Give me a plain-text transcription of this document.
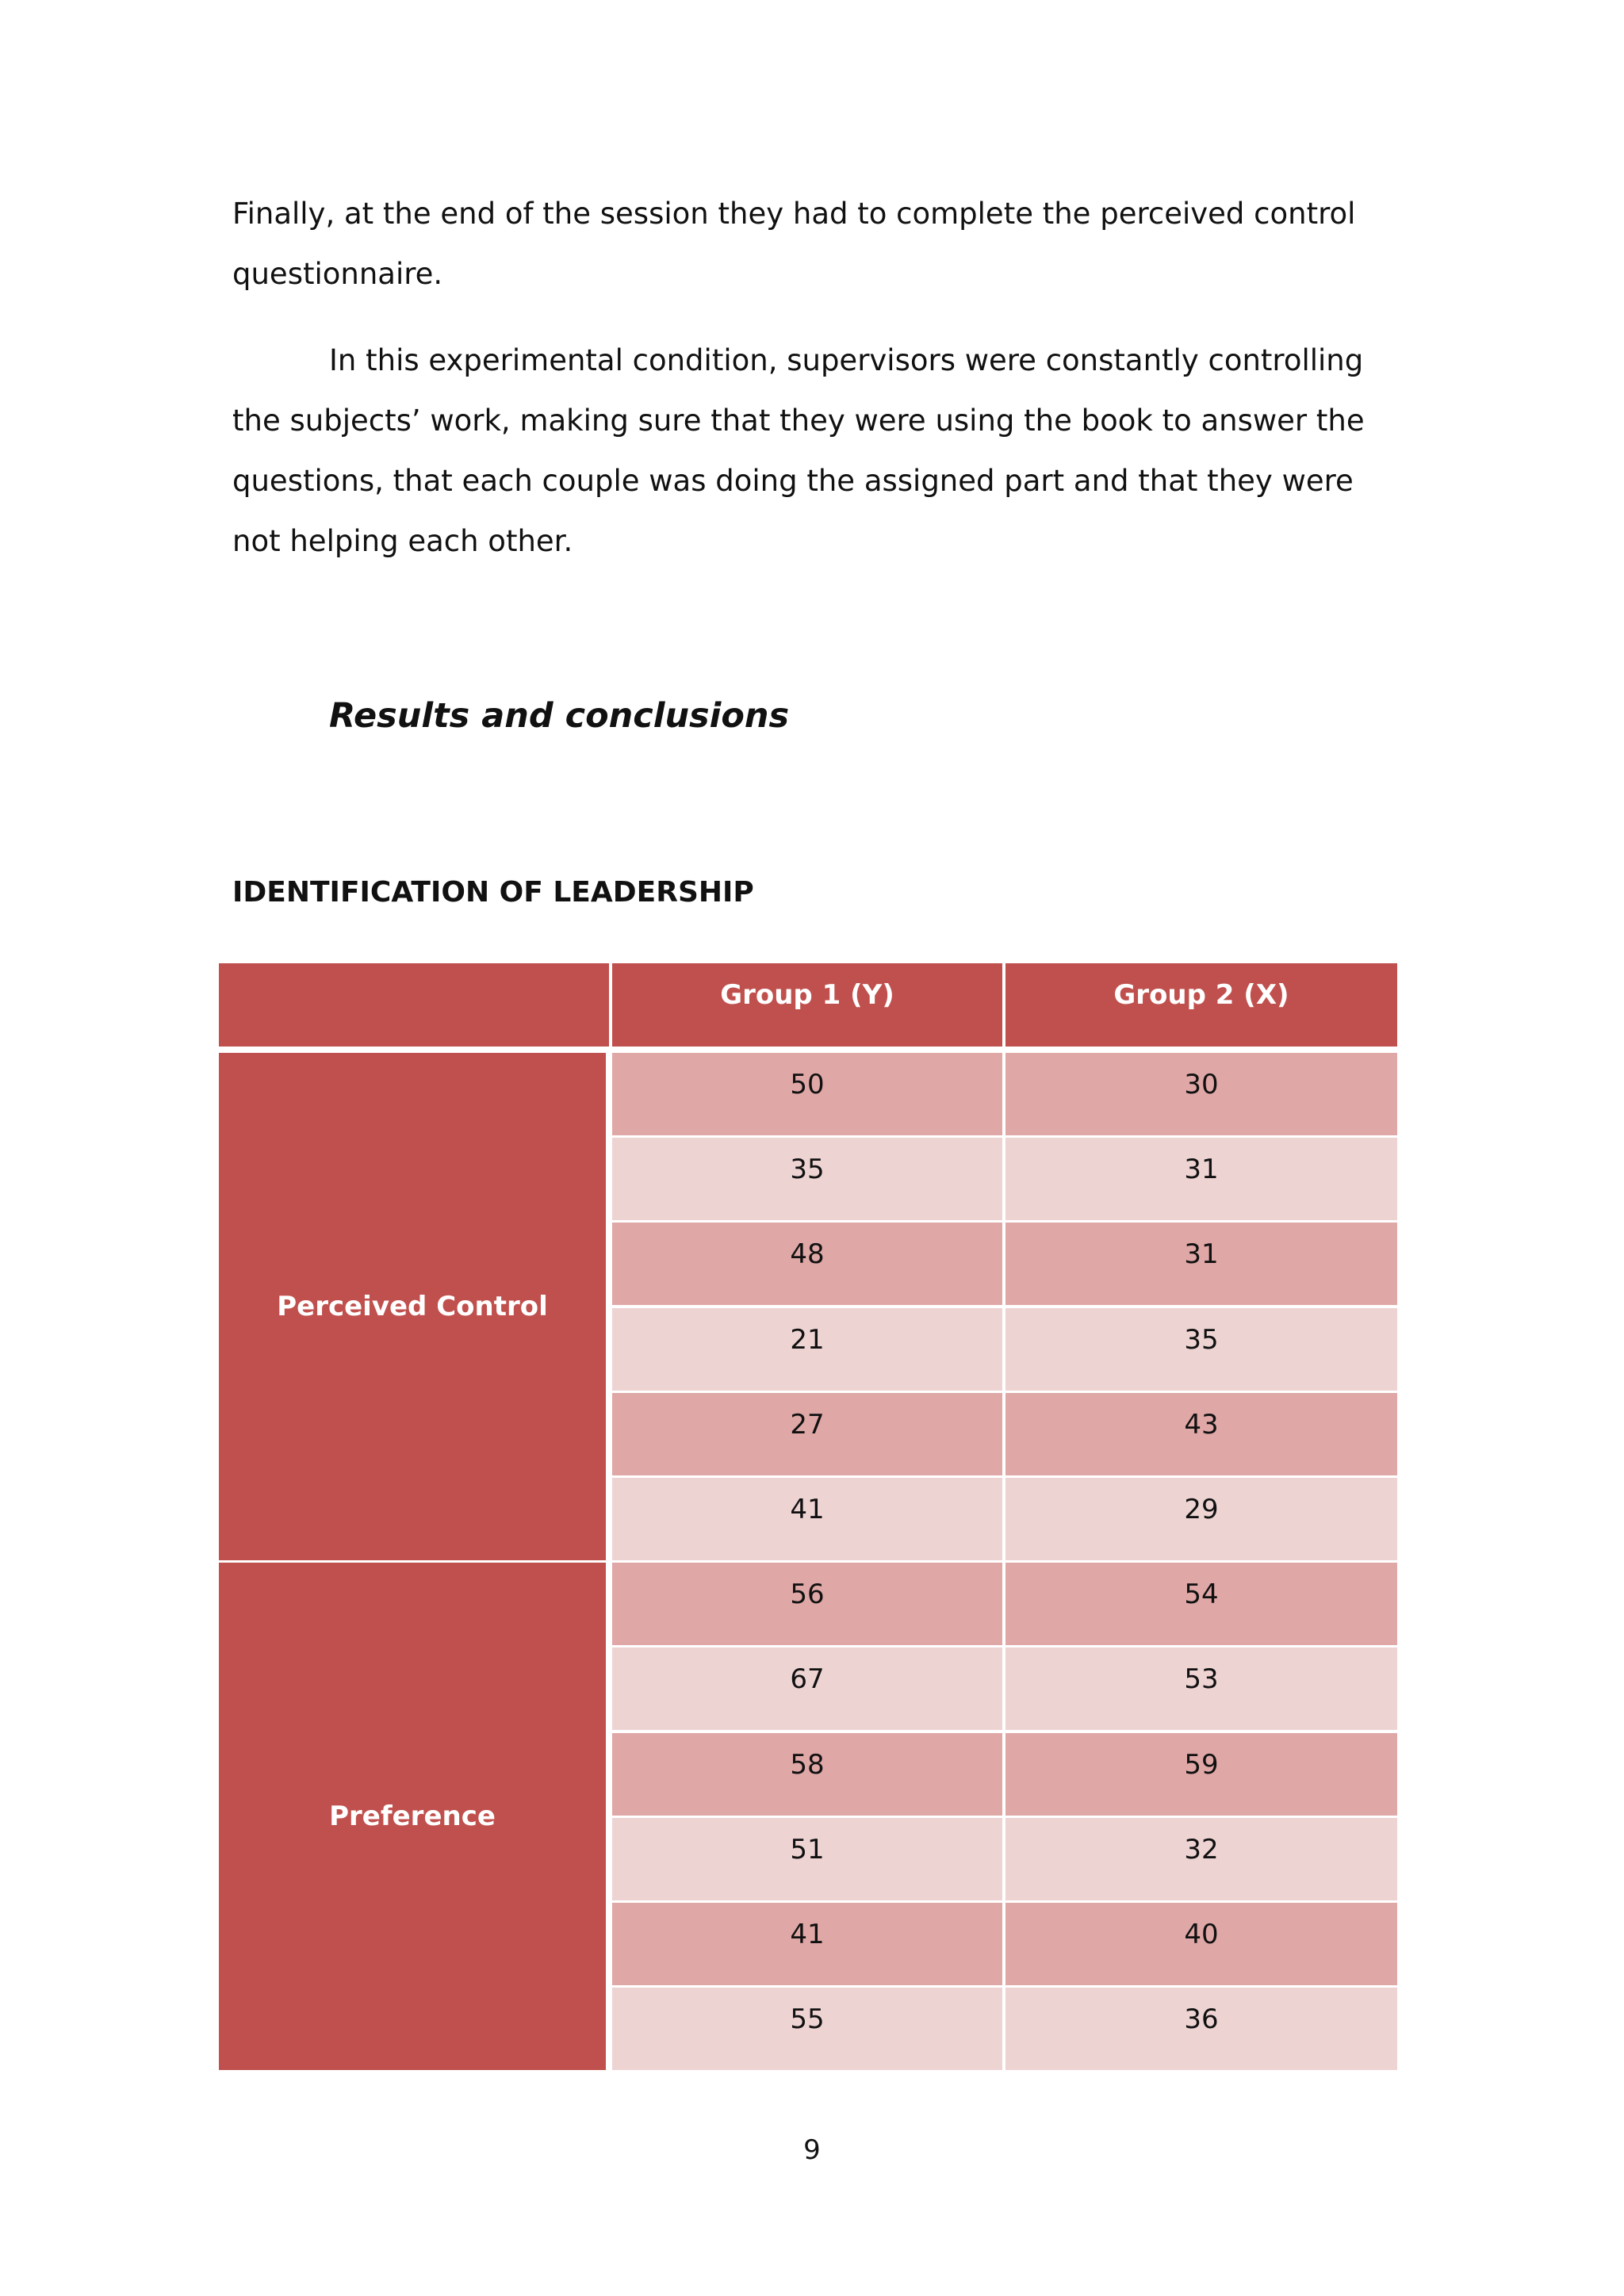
Finally, at the end of the session they had to complete the perceived control questionnaire.

In this experimental condition, supervisors were constantly controlling the subjects’ work, making sure that they were using the book to answer the questions, that each couple was doing the assigned part and that they were not helping each other.

Results and conclusions
IDENTIFICATION OF LEADERSHIP
Group 1 (Y)	Group 2 (X)
Perceived Control
50	30
35	31
48	31
21	35
27	43
41	29
Preference
56	54
67	53
58	59
51	32
41	40
55	36

9
